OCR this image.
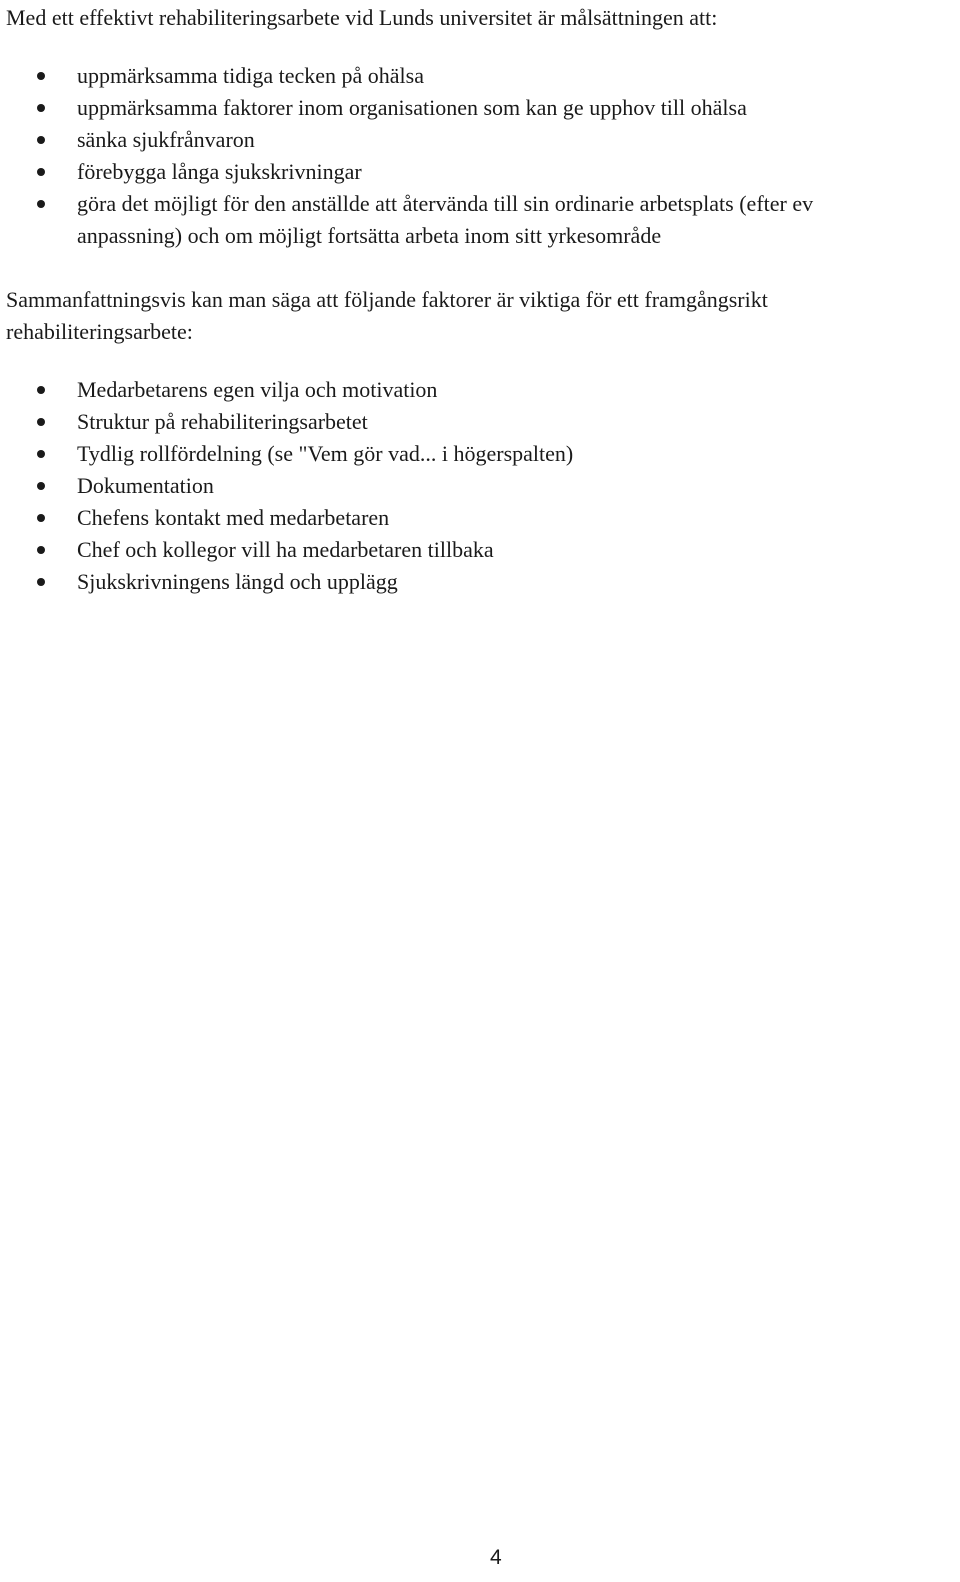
Med ett effektivt rehabiliteringsarbete vid Lunds universitet är målsättningen att:

uppmärksamma tidiga tecken på ohälsa
uppmärksamma faktorer inom organisationen som kan ge upphov till ohälsa
sänka sjukfrånvaron
förebygga långa sjukskrivningar
göra det möjligt för den anställde att återvända till sin ordinarie arbetsplats (efter ev
anpassning) och om möjligt fortsätta arbeta inom sitt yrkesområde

Sammanfattningsvis kan man säga att följande faktorer är viktiga för ett framgångsrikt
rehabiliteringsarbete:

Medarbetarens egen vilja och motivation
Struktur på rehabiliteringsarbetet
Tydlig rollfördelning (se "Vem gör vad... i högerspalten)
Dokumentation
Chefens kontakt med medarbetaren
Chef och kollegor vill ha medarbetaren tillbaka
Sjukskrivningens längd och upplägg
4
